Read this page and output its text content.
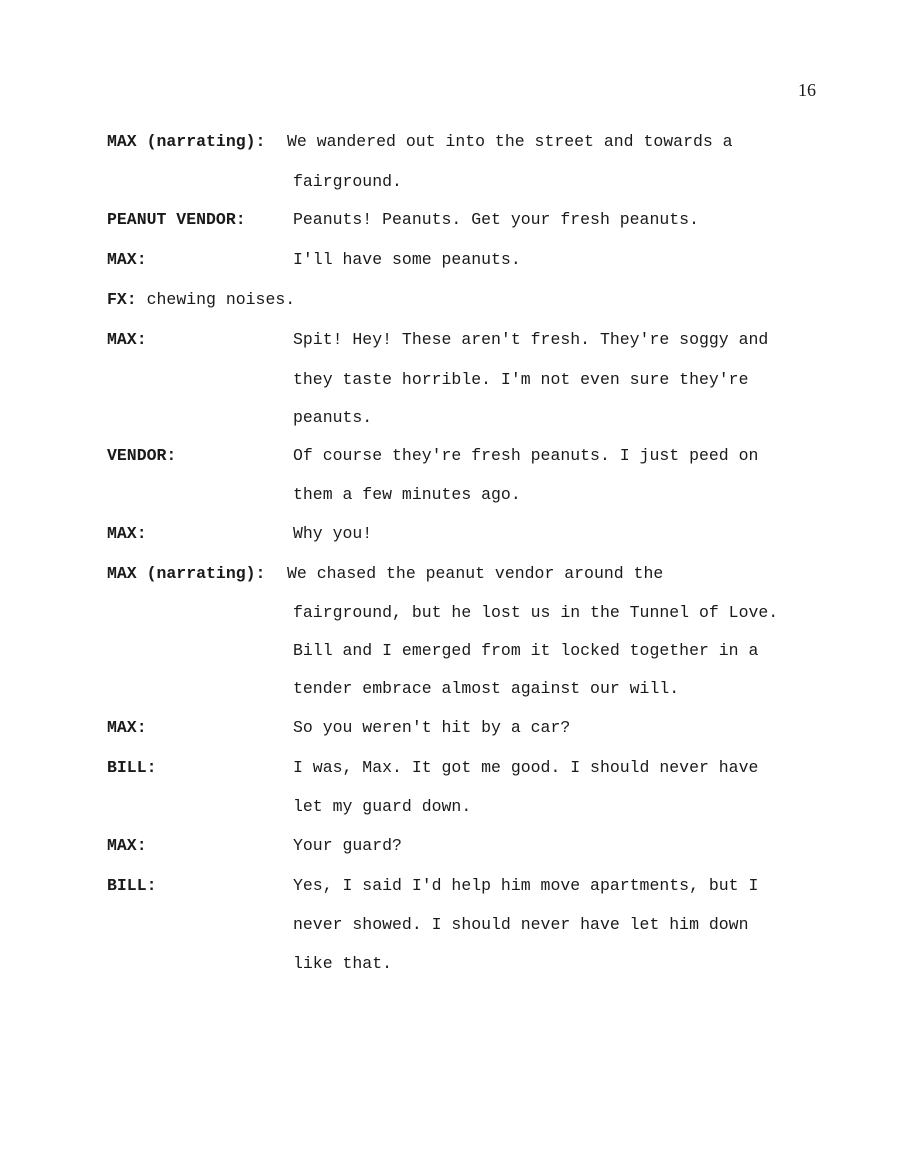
16
MAX (narrating): We wandered out into the street and towards a
fairground.
PEANUT VENDOR:	Peanuts! Peanuts. Get your fresh peanuts.
MAX:	I'll have some peanuts.
FX: chewing noises.
MAX:	Spit! Hey! These aren't fresh. They're soggy and
they taste horrible. I'm not even sure they're
peanuts.
VENDOR:	Of course they're fresh peanuts. I just peed on
them a few minutes ago.
MAX:	Why you!
MAX (narrating): We chased the peanut vendor around the
fairground, but he lost us in the Tunnel of Love.
Bill and I emerged from it locked together in a
tender embrace almost against our will.
MAX:	So you weren't hit by a car?
BILL:	I was, Max. It got me good. I should never have
let my guard down.
MAX:	Your guard?
BILL:	Yes, I said I'd help him move apartments, but I
never showed. I should never have let him down
like that.
